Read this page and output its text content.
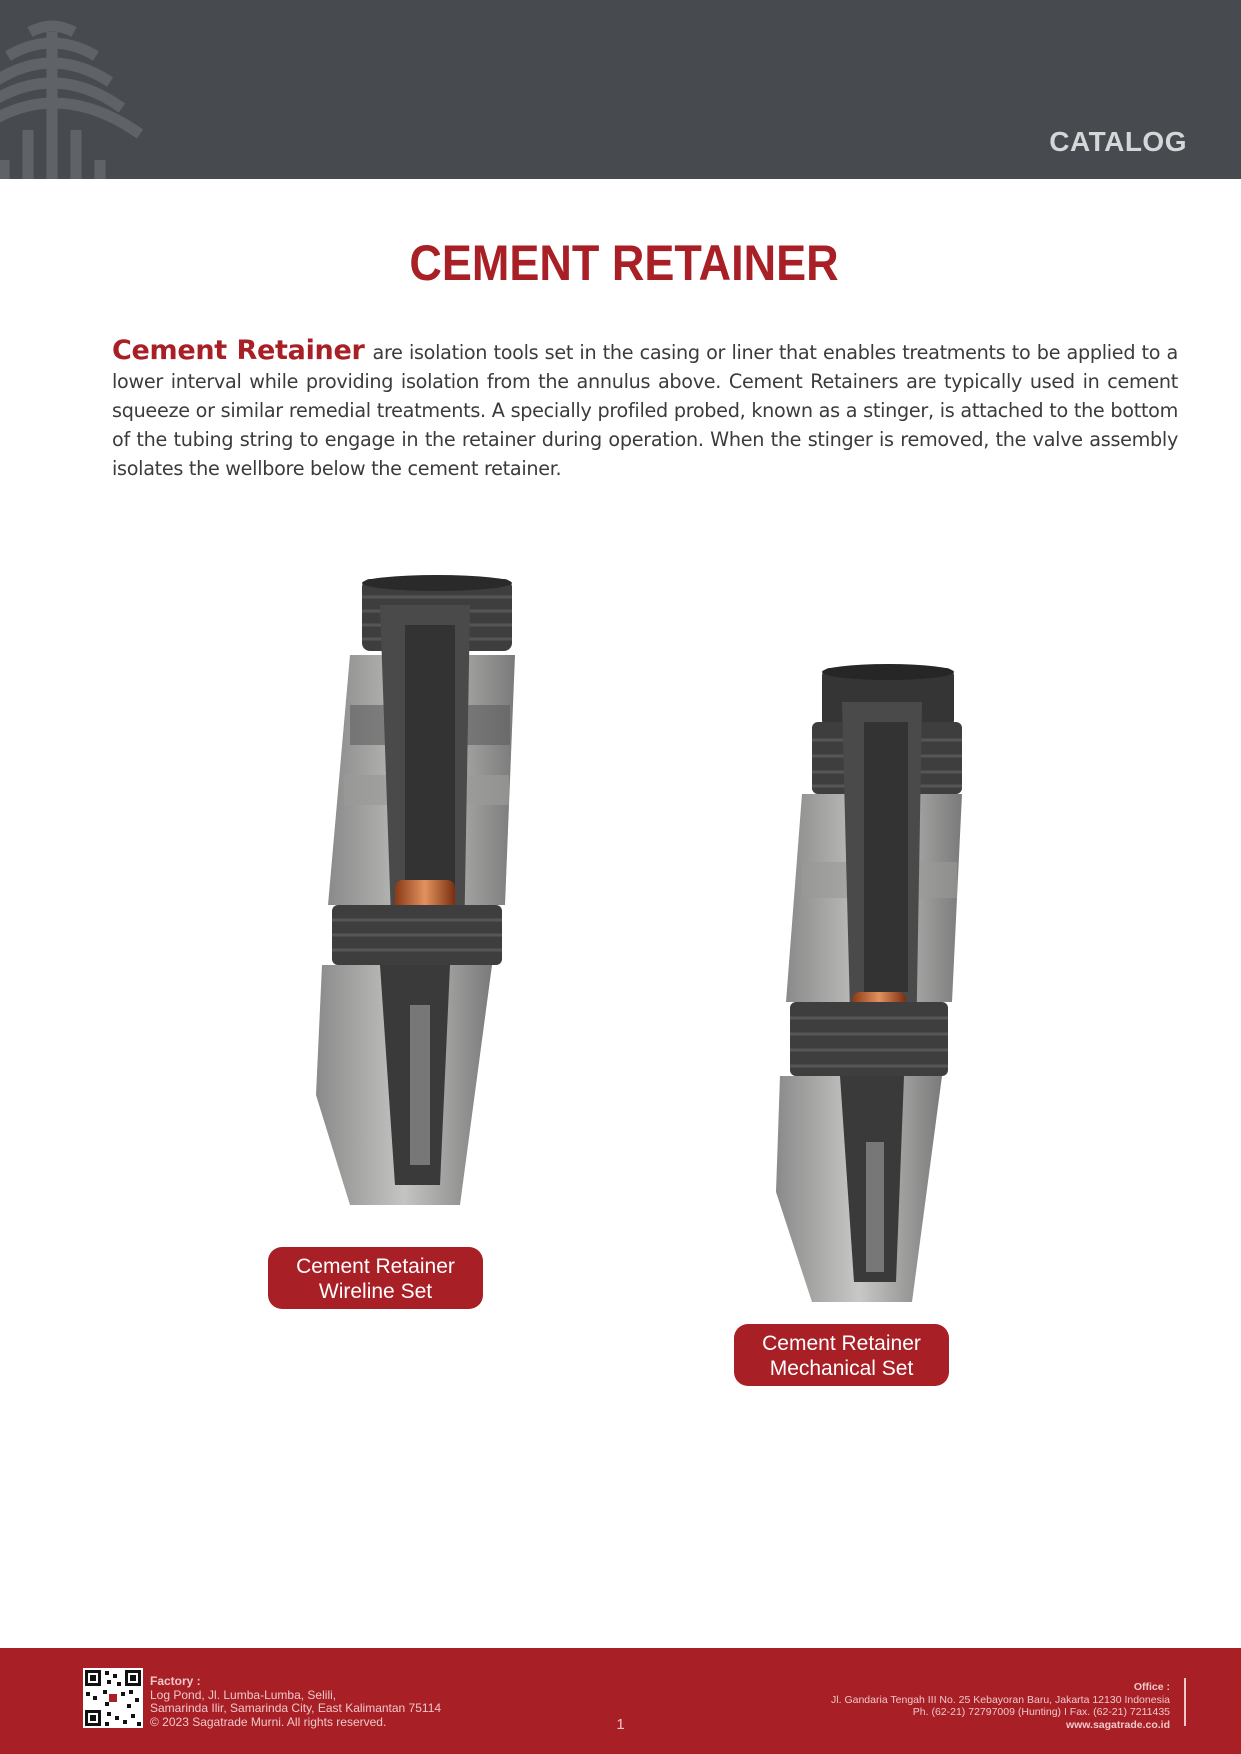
CATALOG
CEMENT RETAINER
Cement Retainer are isolation tools set in the casing or liner that enables treatments to be applied to a lower interval while providing isolation from the annulus above. Cement Retainers are typically used in cement squeeze or similar remedial treatments. A specially profiled probed, known as a stinger, is attached to the bottom of the tubing string to engage in the retainer during operation. When the stinger is removed, the valve assembly isolates the wellbore below the cement retainer.
Cement Retainer
Wireline Set
Cement Retainer
Mechanical Set
Factory :
Log Pond, Jl. Lumba-Lumba, Selili,
Samarinda Ilir, Samarinda City, East Kalimantan 75114
© 2023 Sagatrade Murni. All rights reserved.	1
Office :
Jl. Gandaria Tengah III No. 25 Kebayoran Baru, Jakarta 12130 Indonesia
Ph. (62-21) 72797009 (Hunting) I Fax. (62-21) 7211435
www.sagatrade.co.id
